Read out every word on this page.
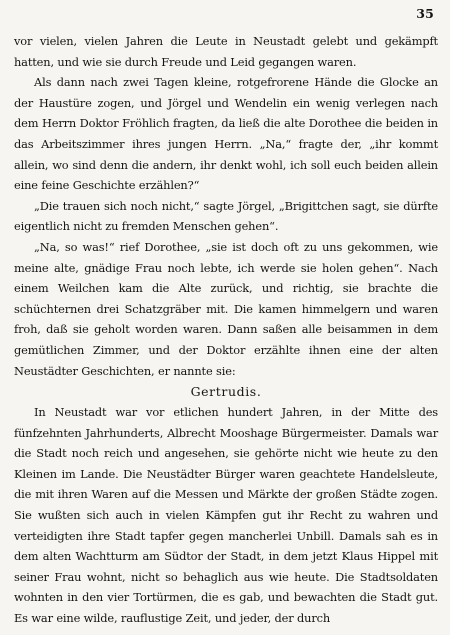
35

vor vielen, vielen Jahren die Leute in Neustadt gelebt und gekämpft hatten, und wie sie durch Freude und Leid gegangen waren.

Als dann nach zwei Tagen kleine, rotgefrorene Hände die Glocke an der Haustüre zogen, und Jörgel und Wendelin ein wenig verlegen nach dem Herrn Doktor Fröhlich fragten, da ließ die alte Dorothee die beiden in das Arbeitszimmer ihres jungen Herrn. „Na,“ fragte der, „ihr kommt allein, wo sind denn die andern, ihr denkt wohl, ich soll euch beiden allein eine feine Geschichte erzählen?“

„Die trauen sich noch nicht,“ sagte Jörgel, „Brigittchen sagt, sie dürfte eigentlich nicht zu fremden Menschen gehen“.

„Na, so was!“ rief Dorothee, „sie ist doch oft zu uns gekommen, wie meine alte, gnädige Frau noch lebte, ich werde sie holen gehen“. Nach einem Weilchen kam die Alte zurück, und richtig, sie brachte die schüchternen drei Schatzgräber mit. Die kamen himmelgern und waren froh, daß sie geholt worden waren. Dann saßen alle beisammen in dem gemütlichen Zimmer, und der Doktor erzählte ihnen eine der alten Neustädter Geschichten, er nannte sie:

Gertrudis.

In Neustadt war vor etlichen hundert Jahren, in der Mitte des fünfzehnten Jahrhunderts, Albrecht Mooshage Bürgermeister. Damals war die Stadt noch reich und angesehen, sie gehörte nicht wie heute zu den Kleinen im Lande. Die Neustädter Bürger waren geachtete Handelsleute, die mit ihren Waren auf die Messen und Märkte der großen Städte zogen. Sie wußten sich auch in vielen Kämpfen gut ihr Recht zu wahren und verteidigten ihre Stadt tapfer gegen mancherlei Unbill. Damals sah es in dem alten Wachtturm am Südtor der Stadt, in dem jetzt Klaus Hippel mit seiner Frau wohnt, nicht so behaglich aus wie heute. Die Stadtsoldaten wohnten in den vier Tortürmen, die es gab, und bewachten die Stadt gut. Es war eine wilde, rauflustige Zeit, und jeder, der durch
